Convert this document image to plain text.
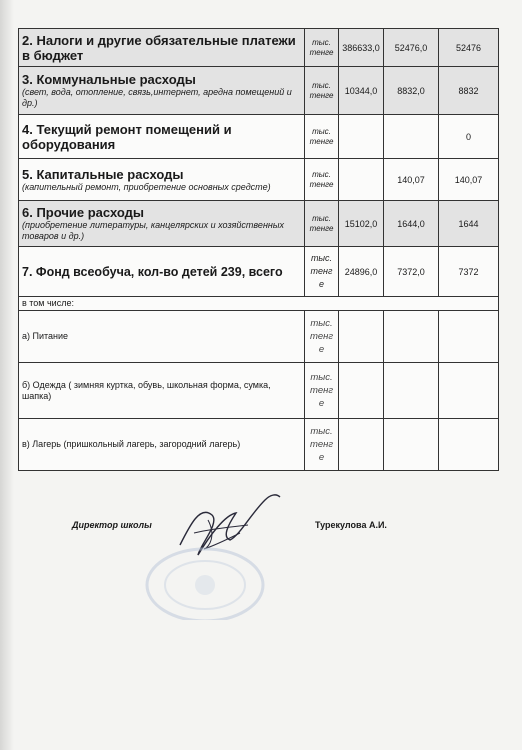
2. Налоги и другие обязательные платежи в бюджет	тыс. тенге	386633,0	52476,0	52476

3. Коммунальные расходы
(свет, вода, отопление, связь,интернет, аредна помещений и др.)	тыс. тенге	10344,0	8832,0	8832

4. Текущий ремонт помещений и оборудования	тыс. тенге			0

5. Капитальные расходы
(капительный ремонт, приобретение основных средсте)	тыс. тенге		140,07	140,07

6. Прочие расходы
(приобретение литературы, канцелярских и хозяйственных товаров и др.)	тыс. тенге	15102,0	1644,0	1644

7. Фонд всеобуча, кол-во детей 239, всего	тыс. тенг е	24896,0	7372,0	7372
в том числе:				
а) Питание	тыс. тенг е			
б) Одежда ( зимняя куртка, обувь, школьная форма, сумка, шапка)	тыс. тенг е			
в) Лагерь (пришкольный лагерь, загородний лагерь)	тыс. тенг е			
Директор школы	Турекулова А.И.
